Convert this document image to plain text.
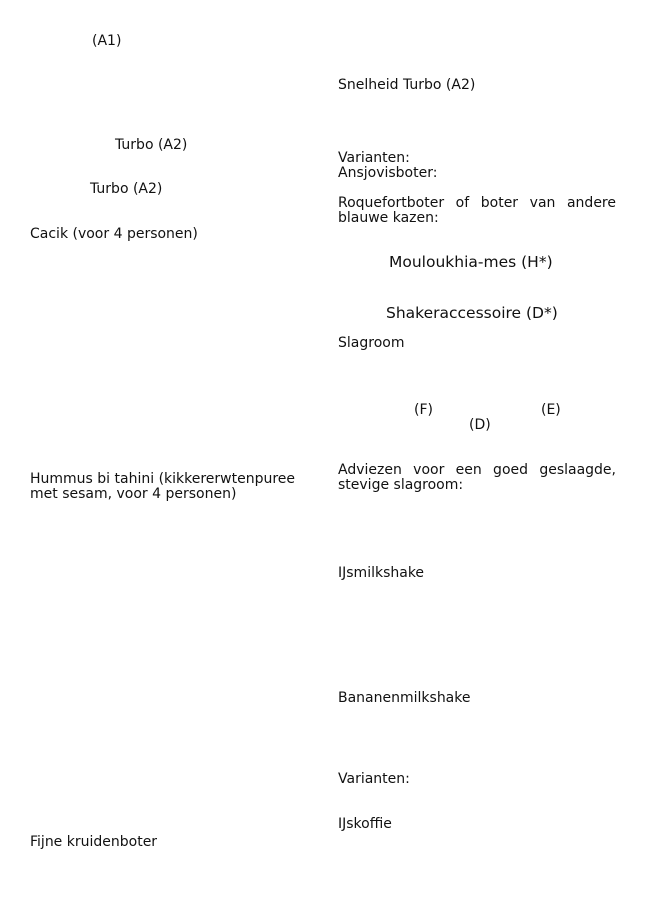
(A1)
Turbo (A2)
Turbo (A2)
Cacik (voor 4 personen)
Hummus bi tahini (kikkererwtenpuree
met sesam, voor 4 personen)
Fijne kruidenboter
Snelheid Turbo (A2)
Varianten:
Ansjovisboter:
Roquefortboter of boter van andere
blauwe kazen:
Mouloukhia-mes (H*)
Shakeraccessoire (D*)
Slagroom
(F)	(E)
(D)
Adviezen voor een goed geslaagde,
stevige slagroom:
IJsmilkshake
Bananenmilkshake
Varianten:
IJskoffie
